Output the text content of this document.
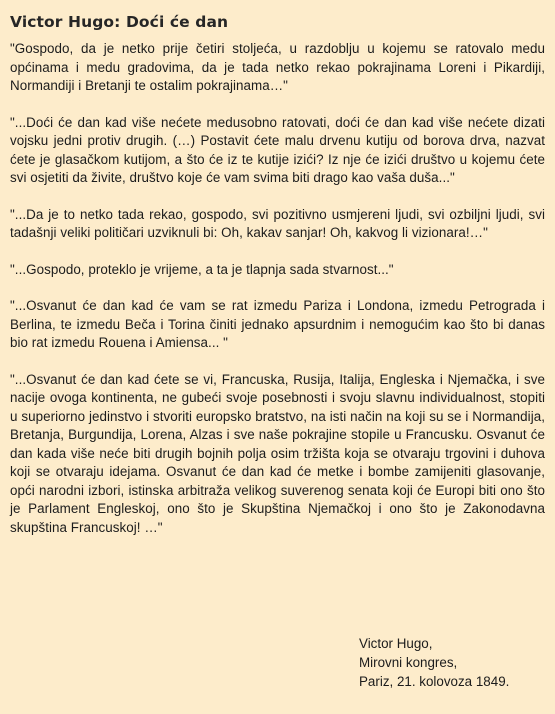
Victor Hugo: Doći će dan

"Gospodo, da je netko prije četiri stoljeća, u razdoblju u kojemu se ratovalo medu općinama i medu gradovima, da je tada netko rekao pokrajinama Loreni i Pikardiji, Normandiji i Bretanji te ostalim pokrajinama…"

"...Doći će dan kad više nećete medusobno ratovati, doći će dan kad više nećete dizati vojsku jedni protiv drugih. (…) Postavit ćete malu drvenu kutiju od borova drva, nazvat ćete je glasačkom kutijom, a što će iz te kutije izići? Iz nje će izići društvo u kojemu ćete svi osjetiti da živite, društvo koje će vam svima biti drago kao vaša duša..."

"...Da je to netko tada rekao, gospodo, svi pozitivno usmjereni ljudi, svi ozbiljni ljudi, svi tadašnji veliki političari uzviknuli bi: Oh, kakav sanjar! Oh, kakvog li vizionara!…"

"...Gospodo, proteklo je vrijeme, a ta je tlapnja sada stvarnost..."

"...Osvanut će dan kad će vam se rat izmedu Pariza i Londona, izmedu Petrograda i Berlina, te izmedu Beča i Torina činiti jednako apsurdnim i nemogućim kao što bi danas bio rat izmedu Rouena i Amiensa... "

"...Osvanut će dan kad ćete se vi, Francuska, Rusija, Italija, Engleska i Njemačka, i sve nacije ovoga kontinenta, ne gubeći svoje posebnosti i svoju slavnu individualnost, stopiti u superiorno jedinstvo i stvoriti europsko bratstvo, na isti način na koji su se i Normandija, Bretanja, Burgundija, Lorena, Alzas i sve naše pokrajine stopile u Francusku. Osvanut će dan kada više neće biti drugih bojnih polja osim tržišta koja se otvaraju trgovini i duhova koji se otvaraju idejama. Osvanut će dan kad će metke i bombe zamijeniti glasovanje, opći narodni izbori, istinska arbitraža velikog suverenog senata koji će Europi biti ono što je Parlament Engleskoj, ono što je Skupština Njemačkoj i ono što je Zakonodavna skupština Francuskoj! …"

Victor Hugo,
Mirovni kongres,
Pariz, 21. kolovoza 1849.
